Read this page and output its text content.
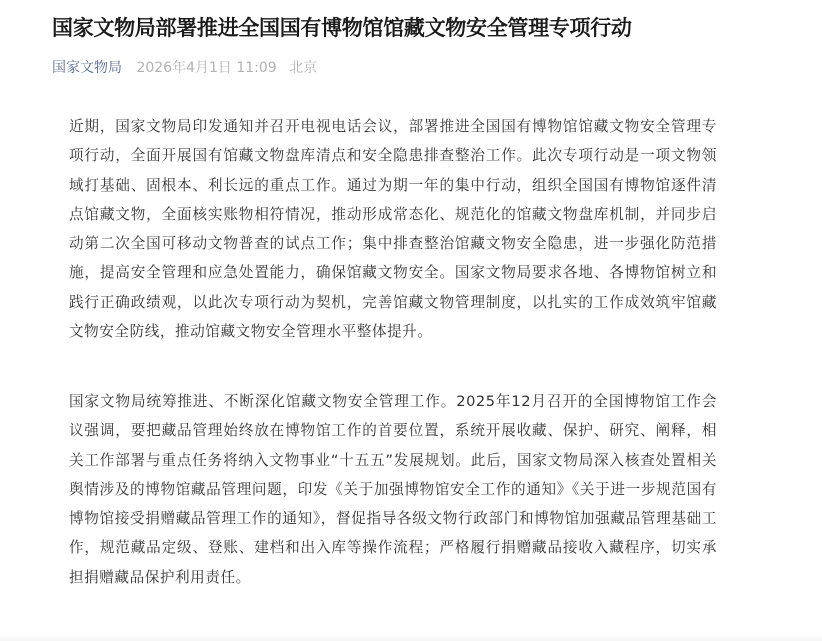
国家文物局部署推进全国国有博物馆馆藏文物安全管理专项行动
国家文物局 2026年4月1日 11:09 北京

近期，国家文物局印发通知并召开电视电话会议，部署推进全国国有博物馆馆藏文物安全管理专项行动，全面开展国有馆藏文物盘库清点和安全隐患排查整治工作。此次专项行动是一项文物领域打基础、固根本、利长远的重点工作。通过为期一年的集中行动，组织全国国有博物馆逐件清点馆藏文物，全面核实账物相符情况，推动形成常态化、规范化的馆藏文物盘库机制，并同步启动第二次全国可移动文物普查的试点工作；集中排查整治馆藏文物安全隐患，进一步强化防范措施，提高安全管理和应急处置能力，确保馆藏文物安全。国家文物局要求各地、各博物馆树立和践行正确政绩观，以此次专项行动为契机，完善馆藏文物管理制度，以扎实的工作成效筑牢馆藏文物安全防线，推动馆藏文物安全管理水平整体提升。

国家文物局统筹推进、不断深化馆藏文物安全管理工作。2025年12月召开的全国博物馆工作会议强调，要把藏品管理始终放在博物馆工作的首要位置，系统开展收藏、保护、研究、阐释，相关工作部署与重点任务将纳入文物事业“十五五”发展规划。此后，国家文物局深入核查处置相关舆情涉及的博物馆藏品管理问题，印发《关于加强博物馆安全工作的通知》《关于进一步规范国有博物馆接受捐赠藏品管理工作的通知》，督促指导各级文物行政部门和博物馆加强藏品管理基础工作，规范藏品定级、登账、建档和出入库等操作流程；严格履行捐赠藏品接收入藏程序，切实承担捐赠藏品保护利用责任。
